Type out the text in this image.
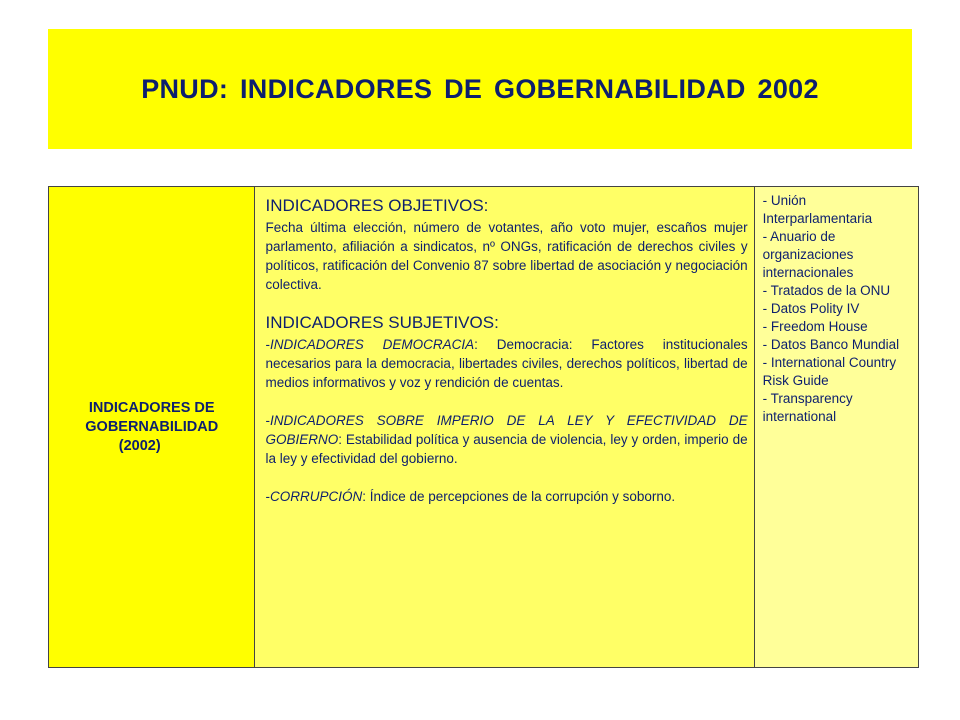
PNUD: INDICADORES DE GOBERNABILIDAD 2002
INDICADORES DE
GOBERNABILIDAD
(2002)

INDICADORES OBJETIVOS:

Fecha última elección, número de votantes, año voto mujer, escaños mujer parlamento, afiliación a sindicatos, nº ONGs, ratificación de derechos civiles y políticos, ratificación del Convenio 87 sobre libertad de asociación y negociación colectiva.

INDICADORES SUBJETIVOS:

-INDICADORES DEMOCRACIA: Democracia: Factores institucionales necesarios para la democracia, libertades civiles, derechos políticos, libertad de medios informativos y voz y rendición de cuentas.

-INDICADORES SOBRE IMPERIO DE LA LEY Y EFECTIVIDAD DE GOBIERNO: Estabilidad política y ausencia de violencia, ley y orden, imperio de la ley y efectividad del gobierno.

-CORRUPCIÓN: Índice de percepciones de la corrupción y soborno.

- Unión Interparlamentaria
- Anuario de organizaciones internacionales
- Tratados de la ONU
- Datos Polity IV
- Freedom House
- Datos Banco Mundial
- International Country Risk Guide
- Transparency international
